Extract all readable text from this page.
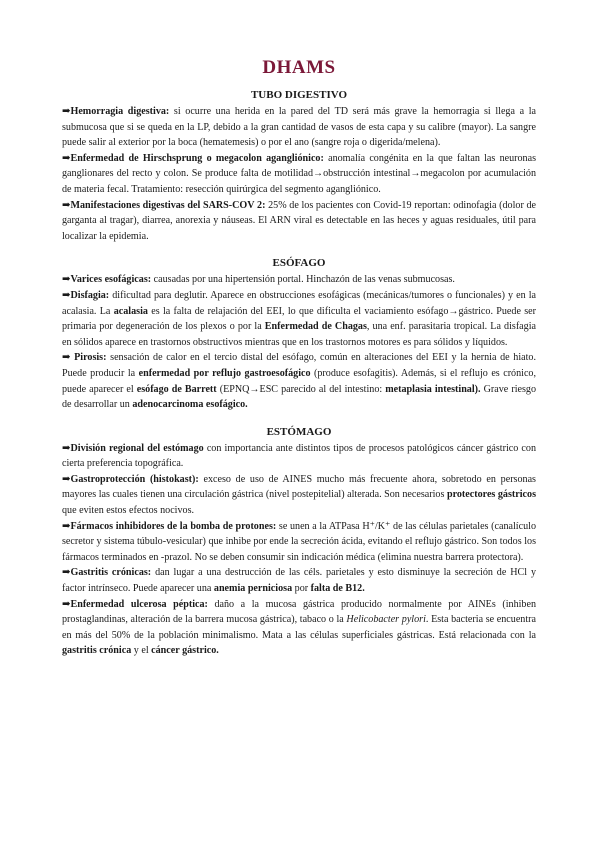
DHAMS
TUBO DIGESTIVO

➡Hemorragia digestiva: si ocurre una herida en la pared del TD será más grave la hemorragia si llega a la submucosa que si se queda en la LP, debido a la gran cantidad de vasos de esta capa y su calibre (mayor). La sangre puede salir al exterior por la boca (hematemesis) o por el ano (sangre roja o digerida/melena).

➡Enfermedad de Hirschsprung o megacolon agangliónico: anomalía congénita en la que faltan las neuronas ganglionares del recto y colon. Se produce falta de motilidad→obstrucción intestinal→megacolon por acumulación de materia fecal. Tratamiento: resección quirúrgica del segmento agangliónico.

➡Manifestaciones digestivas del SARS-COV 2: 25% de los pacientes con Covid-19 reportan: odinofagia (dolor de garganta al tragar), diarrea, anorexia y náuseas. El ARN viral es detectable en las heces y aguas residuales, útil para localizar la epidemia.

ESÓFAGO

➡Varices esofágicas: causadas por una hipertensión portal. Hinchazón de las venas submucosas.

➡Disfagia: dificultad para deglutir. Aparece en obstrucciones esofágicas (mecánicas/tumores o funcionales) y en la acalasia. La acalasia es la falta de relajación del EEI, lo que dificulta el vaciamiento esófago→gástrico. Puede ser primaria por degeneración de los plexos o por la Enfermedad de Chagas, una enf. parasitaria tropical. La disfagia en sólidos aparece en trastornos obstructivos mientras que en los trastornos motores es para sólidos y líquidos.

➡ Pirosis: sensación de calor en el tercio distal del esófago, común en alteraciones del EEI y la hernia de hiato. Puede producir la enfermedad por reflujo gastroesofágico (produce esofagitis). Además, si el reflujo es crónico, puede aparecer el esófago de Barrett (EPNQ→ESC parecido al del intestino: metaplasia intestinal). Grave riesgo de desarrollar un adenocarcinoma esofágico.

ESTÓMAGO

➡División regional del estómago con importancia ante distintos tipos de procesos patológicos cáncer gástrico con cierta preferencia topográfica.

➡Gastroprotección (histokast): exceso de uso de AINES mucho más frecuente ahora, sobretodo en personas mayores las cuales tienen una circulación gástrica (nivel postepitelial) alterada. Son necesarios protectores gástricos que eviten estos efectos nocivos.

➡Fármacos inhibidores de la bomba de protones: se unen a la ATPasa H⁺/K⁺ de las células parietales (canalículo secretor y sistema túbulo-vesicular) que inhibe por ende la secreción ácida, evitando el reflujo gástrico. Son todos los fármacos terminados en -prazol. No se deben consumir sin indicación médica (elimina nuestra barrera protectora).

➡Gastritis crónicas: dan lugar a una destrucción de las céls. parietales y esto disminuye la secreción de HCl y factor intrínseco. Puede aparecer una anemia perniciosa por falta de B12.

➡Enfermedad ulcerosa péptica: daño a la mucosa gástrica producido normalmente por AINEs (inhiben prostaglandinas, alteración de la barrera mucosa gástrica), tabaco o la Helicobacter pylori. Esta bacteria se encuentra en más del 50% de la población minimalismo. Mata a las células superficiales gástricas. Está relacionada con la gastritis crónica y el cáncer gástrico.
